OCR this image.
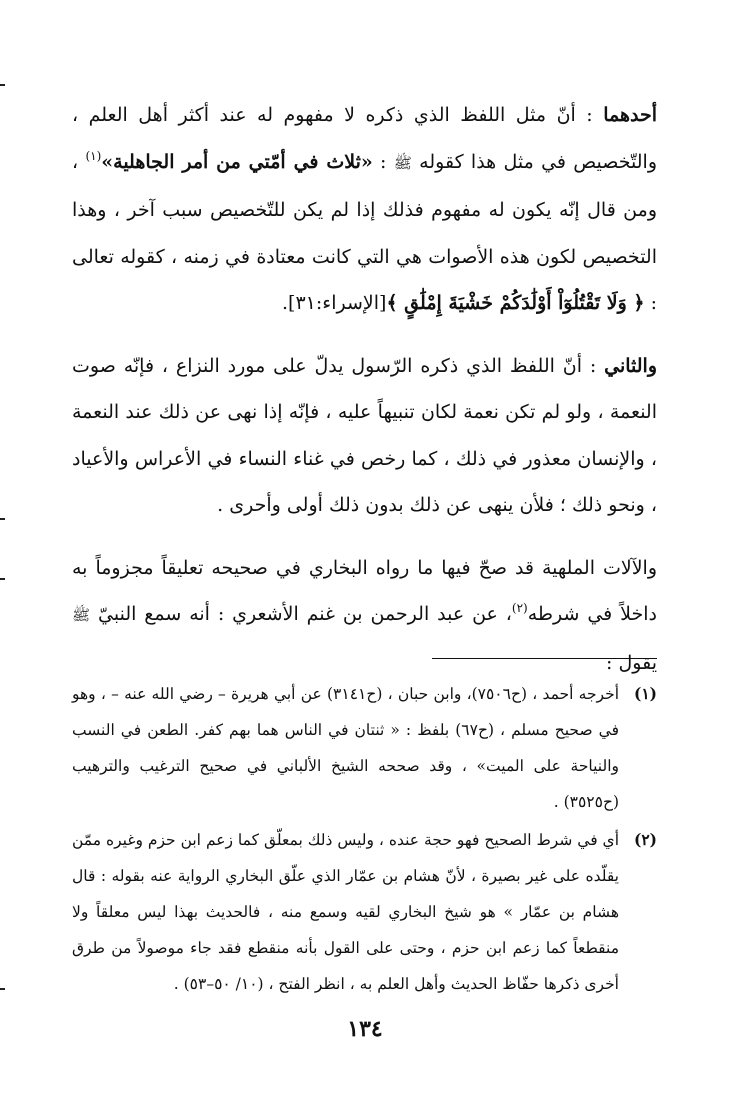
أحدهما : أنّ مثل اللفظ الذي ذكره لا مفهوم له عند أكثر أهل العلم ، والتّخصيص في مثل هذا كقوله ﷺ : «ثلاث في أمّتي من أمر الجاهلية»$^{(١)}$ ، ومن قال إنّه يكون له مفهوم فذلك إذا لم يكن للتّخصيص سبب آخر ، وهذا التخصيص لكون هذه الأصوات هي التي كانت معتادة في زمنه ، كقوله تعالى : ﴿ وَلَا تَقْتُلُوٓاْ أَوْلَٰدَكُمْ خَشْيَةَ إِمْلَٰقٍ ﴾[الإسراء:٣١].

والثاني : أنّ اللفظ الذي ذكره الرّسول يدلّ على مورد النزاع ، فإنّه صوت النعمة ، ولو لم تكن نعمة لكان تنبيهاً عليه ، فإنّه إذا نهى عن ذلك عند النعمة ، والإنسان معذور في ذلك ، كما رخص في غناء النساء في الأعراس والأعياد ، ونحو ذلك ؛ فلأن ينهى عن ذلك بدون ذلك أولى وأحرى .

والآلات الملهية قد صحّ فيها ما رواه البخاري في صحيحه تعليقاً مجزوماً به داخلاً في شرطه$^{(٢)}$، عن عبد الرحمن بن غنم الأشعري : أنه سمع النبيّ ﷺ يقول :

(١)
أخرجه أحمد ، (ح٧٥٠٦)، وابن حبان ، (ح٣١٤١) عن أبي هريرة – رضي الله عنه – ، وهو في صحيح مسلم ، (ح٦٧) بلفظ : « ثنتان في الناس هما بهم كفر. الطعن في النسب والنياحة على الميت» ، وقد صححه الشيخ الألباني في صحيح الترغيب والترهيب (ح٣٥٢٥) .
(٢)
أي في شرط الصحيح فهو حجة عنده ، وليس ذلك بمعلّق كما زعم ابن حزم وغيره ممّن يقلّده على غير بصيرة ، لأنّ هشام بن عمّار الذي علّق البخاري الرواية عنه بقوله : قال هشام بن عمّار » هو شيخ البخاري لقيه وسمع منه ، فالحديث بهذا ليس معلقاً ولا منقطعاً كما زعم ابن حزم ، وحتى على القول بأنه منقطع فقد جاء موصولاً من طرق أخرى ذكرها حفّاظ الحديث وأهل العلم به ، انظر الفتح ، (١٠/ ٥٠–٥٣) .
١٣٤
